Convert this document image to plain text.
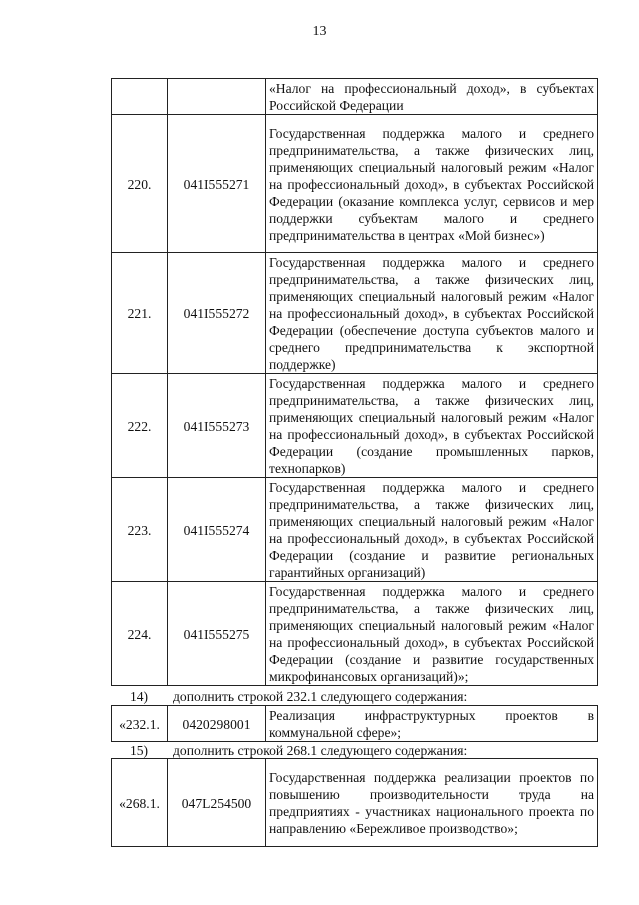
13
		«Налог на профессиональный доход», в субъектах Российской Федерации
220.	041I555271	Государственная поддержка малого и среднего предпринимательства, а также физических лиц, применяющих специальный налоговый режим «Налог на профессиональный доход», в субъектах Российской Федерации (оказание комплекса услуг, сервисов и мер поддержки субъектам малого и среднего предпринимательства в центрах «Мой бизнес»)
221.	041I555272	Государственная поддержка малого и среднего предпринимательства, а также физических лиц, применяющих специальный налоговый режим «Налог на профессиональный доход», в субъектах Российской Федерации (обеспечение доступа субъектов малого и среднего предпринимательства к экспортной поддержке)
222.	041I555273	Государственная поддержка малого и среднего предпринимательства, а также физических лиц, применяющих специальный налоговый режим «Налог на профессиональный доход», в субъектах Российской Федерации (создание промышленных парков, технопарков)
223.	041I555274	Государственная поддержка малого и среднего предпринимательства, а также физических лиц, применяющих специальный налоговый режим «Налог на профессиональный доход», в субъектах Российской Федерации (создание и развитие региональных гарантийных организаций)
224.	041I555275	Государственная поддержка малого и среднего предпринимательства, а также физических лиц, применяющих специальный налоговый режим «Налог на профессиональный доход», в субъектах Российской Федерации (создание и развитие государственных микрофинансовых организаций)»;
14) дополнить строкой 232.1 следующего содержания:
«232.1.	0420298001	Реализация инфраструктурных проектов в коммунальной сфере»;
15) дополнить строкой 268.1 следующего содержания:
«268.1.	047L254500	Государственная поддержка реализации проектов по повышению производительности труда на предприятиях - участниках национального проекта по направлению «Бережливое производство»;
